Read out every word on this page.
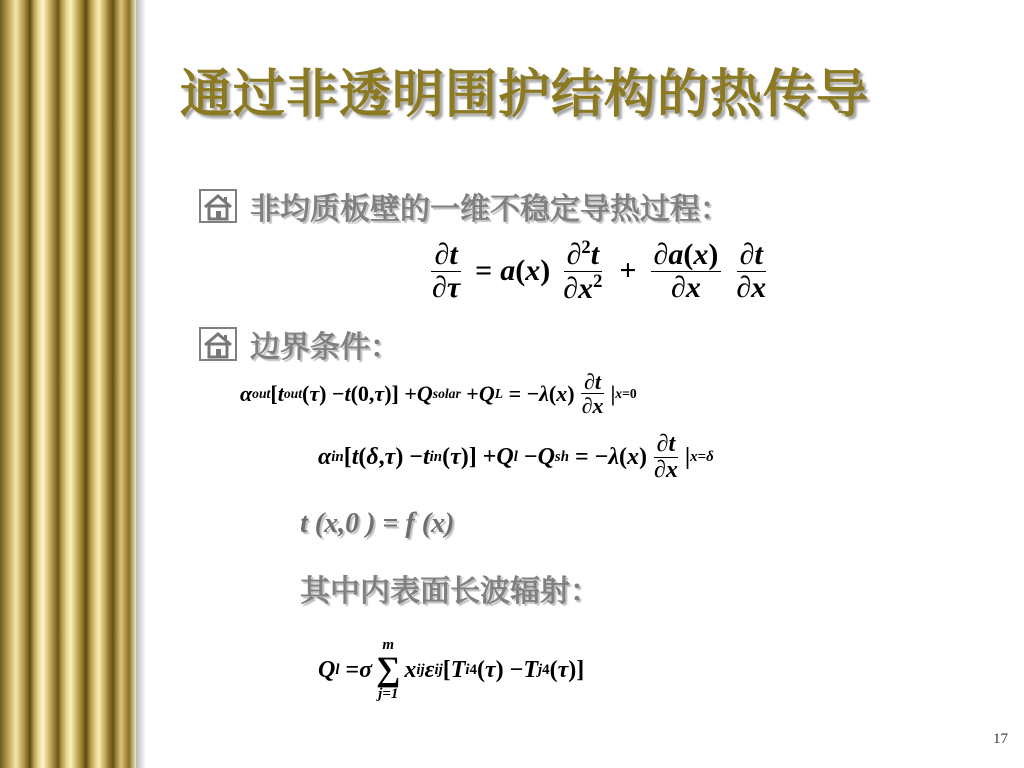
通过非透明围护结构的热传导
非均质板壁的一维不稳定导热过程：
$\frac{\partial t}{\partial\tau} = a$ ( x ) $\frac{\partial^2t}{\partial x^2} + \frac{\partial a(x)}{\partial x} \frac{\partial t}{\partial x}$
边界条件：
α out [ t out ( τ ) − t (0, τ )] + Q solar + Q L = − λ ( x ) $\frac{\partial t}{\partial x}$ | x=0
α in [ t ( δ , τ ) − t in ( τ )] + Q l − Q sh = − λ ( x ) $\frac{\partial t}{\partial x}$ | x=δ
t (x,0 ) = f (x)
其中内表面长波辐射：
Q l = σ
m
∑
j=1
x ij ε ij [ T i 4 ( τ ) − T j 4 ( τ )]
17
